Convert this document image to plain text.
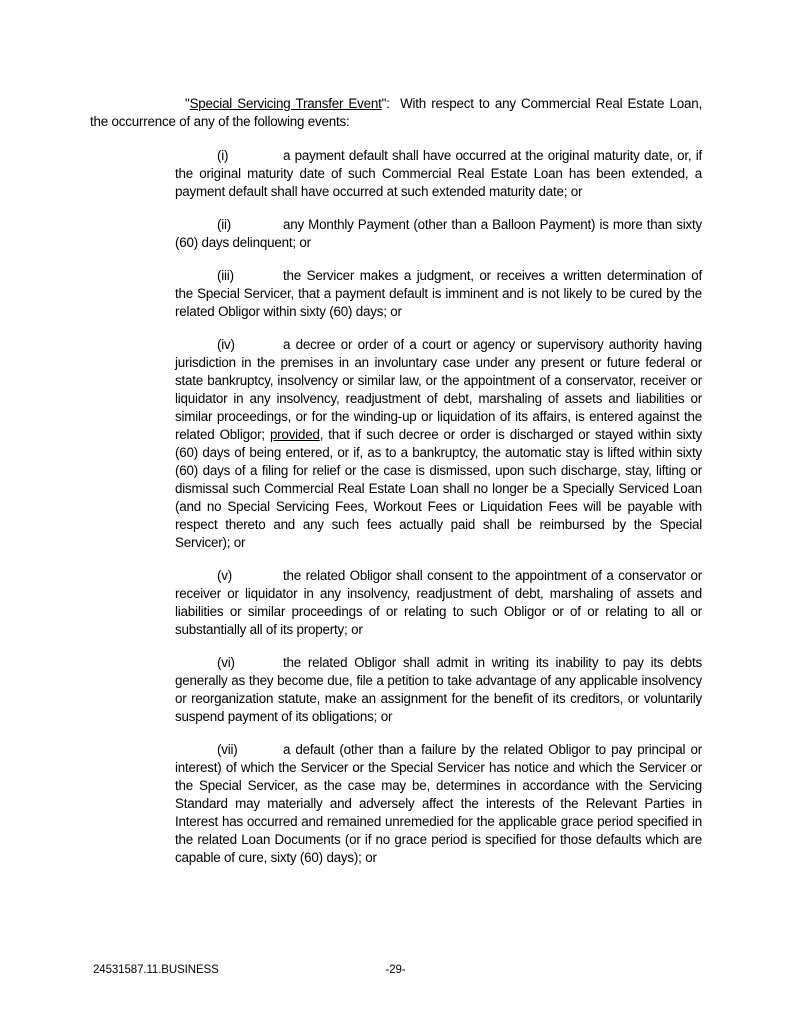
"Special Servicing Transfer Event":  With respect to any Commercial Real Estate Loan, the occurrence of any of the following events:

(i)	a payment default shall have occurred at the original maturity date, or, if the original maturity date of such Commercial Real Estate Loan has been extended, a payment default shall have occurred at such extended maturity date; or

(ii)	any Monthly Payment (other than a Balloon Payment) is more than sixty (60) days delinquent; or

(iii)	the Servicer makes a judgment, or receives a written determination of the Special Servicer, that a payment default is imminent and is not likely to be cured by the related Obligor within sixty (60) days; or

(iv)	a decree or order of a court or agency or supervisory authority having jurisdiction in the premises in an involuntary case under any present or future federal or state bankruptcy, insolvency or similar law, or the appointment of a conservator, receiver or liquidator in any insolvency, readjustment of debt, marshaling of assets and liabilities or similar proceedings, or for the winding-up or liquidation of its affairs, is entered against the related Obligor; provided, that if such decree or order is discharged or stayed within sixty (60) days of being entered, or if, as to a bankruptcy, the automatic stay is lifted within sixty (60) days of a filing for relief or the case is dismissed, upon such discharge, stay, lifting or dismissal such Commercial Real Estate Loan shall no longer be a Specially Serviced Loan (and no Special Servicing Fees, Workout Fees or Liquidation Fees will be payable with respect thereto and any such fees actually paid shall be reimbursed by the Special Servicer); or

(v)	the related Obligor shall consent to the appointment of a conservator or receiver or liquidator in any insolvency, readjustment of debt, marshaling of assets and liabilities or similar proceedings of or relating to such Obligor or of or relating to all or substantially all of its property; or

(vi)	the related Obligor shall admit in writing its inability to pay its debts generally as they become due, file a petition to take advantage of any applicable insolvency or reorganization statute, make an assignment for the benefit of its creditors, or voluntarily suspend payment of its obligations; or

(vii)	a default (other than a failure by the related Obligor to pay principal or interest) of which the Servicer or the Special Servicer has notice and which the Servicer or the Special Servicer, as the case may be, determines in accordance with the Servicing Standard may materially and adversely affect the interests of the Relevant Parties in Interest has occurred and remained unremedied for the applicable grace period specified in the related Loan Documents (or if no grace period is specified for those defaults which are capable of cure, sixty (60) days); or

24531587.11.BUSINESS	-29-
